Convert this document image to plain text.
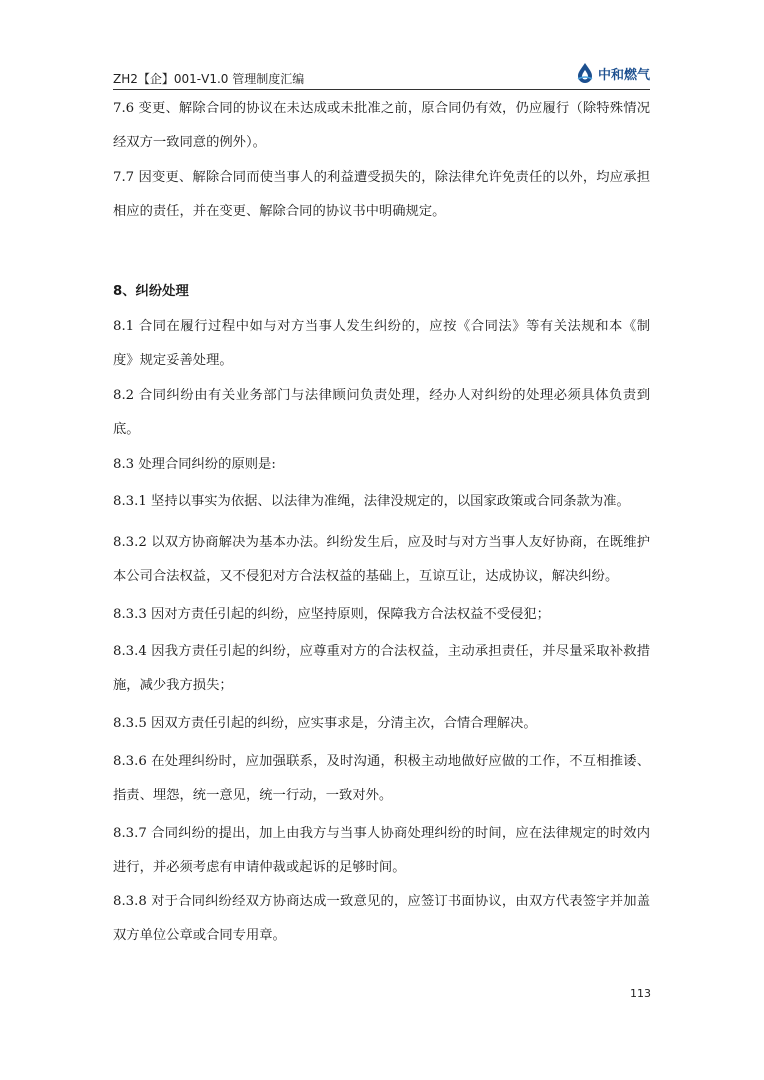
ZH2【企】001-V1.0 管理制度汇编	中和燃气

7.6 变更、解除合同的协议在未达成或未批准之前，原合同仍有效，仍应履行（除特殊情况经双方一致同意的例外）。

7.7 因变更、解除合同而使当事人的利益遭受损失的，除法律允许免责任的以外，均应承担相应的责任，并在变更、解除合同的协议书中明确规定。

8、纠纷处理

8.1 合同在履行过程中如与对方当事人发生纠纷的，应按《合同法》等有关法规和本《制度》规定妥善处理。

8.2 合同纠纷由有关业务部门与法律顾问负责处理，经办人对纠纷的处理必须具体负责到底。

8.3 处理合同纠纷的原则是:

8.3.1 坚持以事实为依据、以法律为准绳，法律没规定的，以国家政策或合同条款为准。

8.3.2 以双方协商解决为基本办法。纠纷发生后，应及时与对方当事人友好协商，在既维护本公司合法权益，又不侵犯对方合法权益的基础上，互谅互让，达成协议，解决纠纷。

8.3.3 因对方责任引起的纠纷，应坚持原则，保障我方合法权益不受侵犯；

8.3.4 因我方责任引起的纠纷，应尊重对方的合法权益，主动承担责任，并尽量采取补救措施，减少我方损失；

8.3.5 因双方责任引起的纠纷，应实事求是，分清主次，合情合理解决。

8.3.6 在处理纠纷时，应加强联系，及时沟通，积极主动地做好应做的工作，不互相推诿、指责、埋怨，统一意见，统一行动，一致对外。

8.3.7 合同纠纷的提出，加上由我方与当事人协商处理纠纷的时间，应在法律规定的时效内进行，并必须考虑有申请仲裁或起诉的足够时间。

8.3.8 对于合同纠纷经双方协商达成一致意见的，应签订书面协议，由双方代表签字并加盖双方单位公章或合同专用章。

113
